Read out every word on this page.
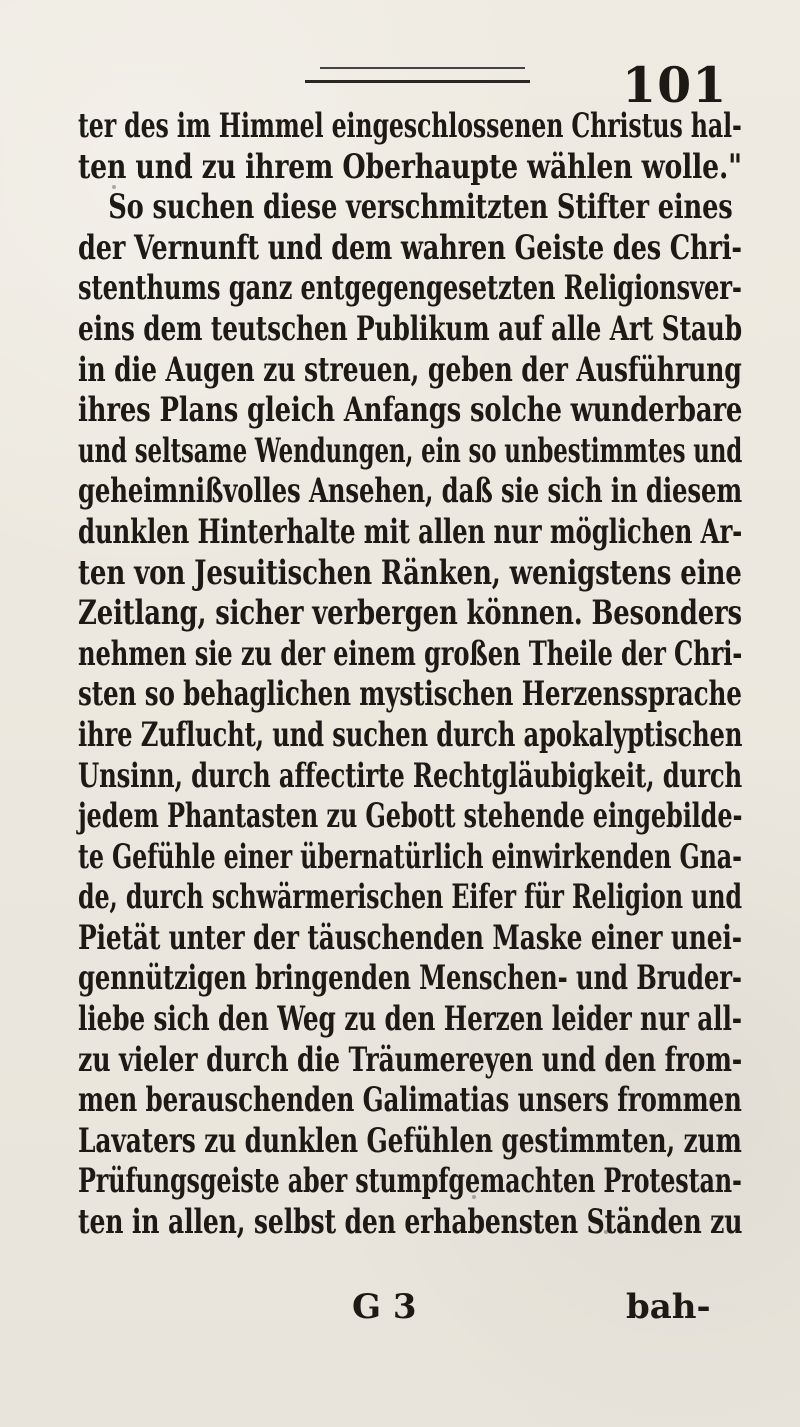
101
ter des im Himmel eingeschlossenen Christus hal-
ten und zu ihrem Oberhaupte wählen wolle."
So suchen diese verschmitzten Stifter eines
der Vernunft und dem wahren Geiste des Chri-
stenthums ganz entgegengesetzten Religionsver-
eins dem teutschen Publikum auf alle Art Staub
in die Augen zu streuen, geben der Ausführung
ihres Plans gleich Anfangs solche wunderbare
und seltsame Wendungen, ein so unbestimmtes und
geheimnißvolles Ansehen, daß sie sich in diesem
dunklen Hinterhalte mit allen nur möglichen Ar-
ten von Jesuitischen Ränken, wenigstens eine
Zeitlang, sicher verbergen können. Besonders
nehmen sie zu der einem großen Theile der Chri-
sten so behaglichen mystischen Herzenssprache
ihre Zuflucht, und suchen durch apokalyptischen
Unsinn, durch affectirte Rechtgläubigkeit, durch
jedem Phantasten zu Gebott stehende eingebilde-
te Gefühle einer übernatürlich einwirkenden Gna-
de, durch schwärmerischen Eifer für Religion und
Pietät unter der täuschenden Maske einer unei-
gennützigen bringenden Menschen- und Bruder-
liebe sich den Weg zu den Herzen leider nur all-
zu vieler durch die Träumereyen und den from-
men berauschenden Galimatias unsers frommen
Lavaters zu dunklen Gefühlen gestimmten, zum
Prüfungsgeiste aber stumpfgemachten Protestan-
ten in allen, selbst den erhabensten Ständen zu
G 3	bah-
